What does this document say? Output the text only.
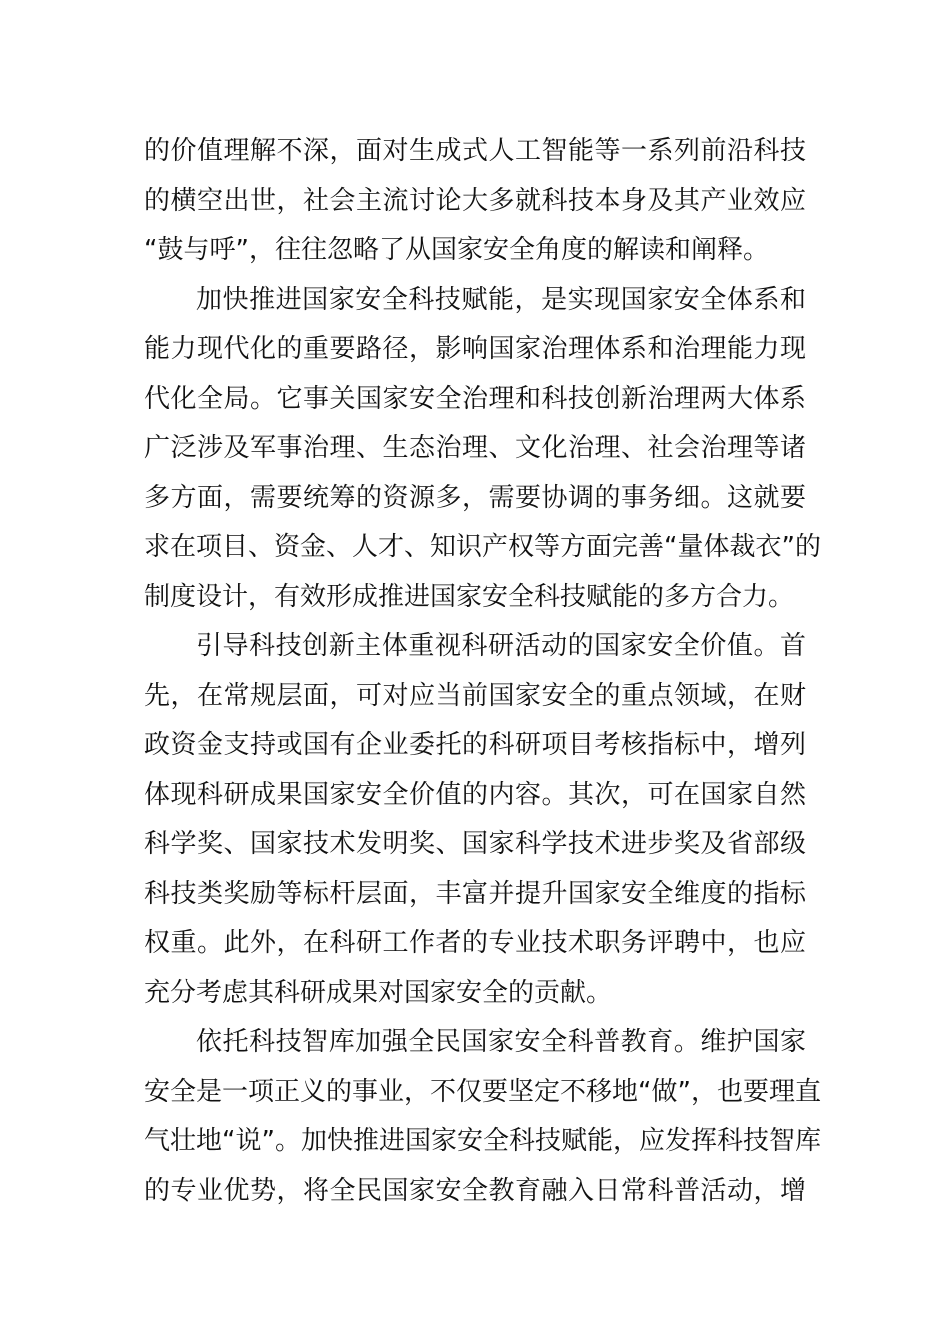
的价值理解不深，面对生成式人工智能等一系列前沿科技
的横空出世，社会主流讨论大多就科技本身及其产业效应
“鼓与呼”，往往忽略了从国家安全角度的解读和阐释。
加快推进国家安全科技赋能，是实现国家安全体系和
能力现代化的重要路径，影响国家治理体系和治理能力现
代化全局。它事关国家安全治理和科技创新治理两大体系
广泛涉及军事治理、生态治理、文化治理、社会治理等诸
多方面，需要统筹的资源多，需要协调的事务细。这就要
求在项目、资金、人才、知识产权等方面完善“量体裁衣”的
制度设计，有效形成推进国家安全科技赋能的多方合力。
引导科技创新主体重视科研活动的国家安全价值。首
先，在常规层面，可对应当前国家安全的重点领域，在财
政资金支持或国有企业委托的科研项目考核指标中，增列
体现科研成果国家安全价值的内容。其次，可在国家自然
科学奖、国家技术发明奖、国家科学技术进步奖及省部级
科技类奖励等标杆层面，丰富并提升国家安全维度的指标
权重。此外，在科研工作者的专业技术职务评聘中，也应
充分考虑其科研成果对国家安全的贡献。
依托科技智库加强全民国家安全科普教育。维护国家
安全是一项正义的事业，不仅要坚定不移地“做”，也要理直
气壮地“说”。加快推进国家安全科技赋能，应发挥科技智库
的专业优势，将全民国家安全教育融入日常科普活动，增
